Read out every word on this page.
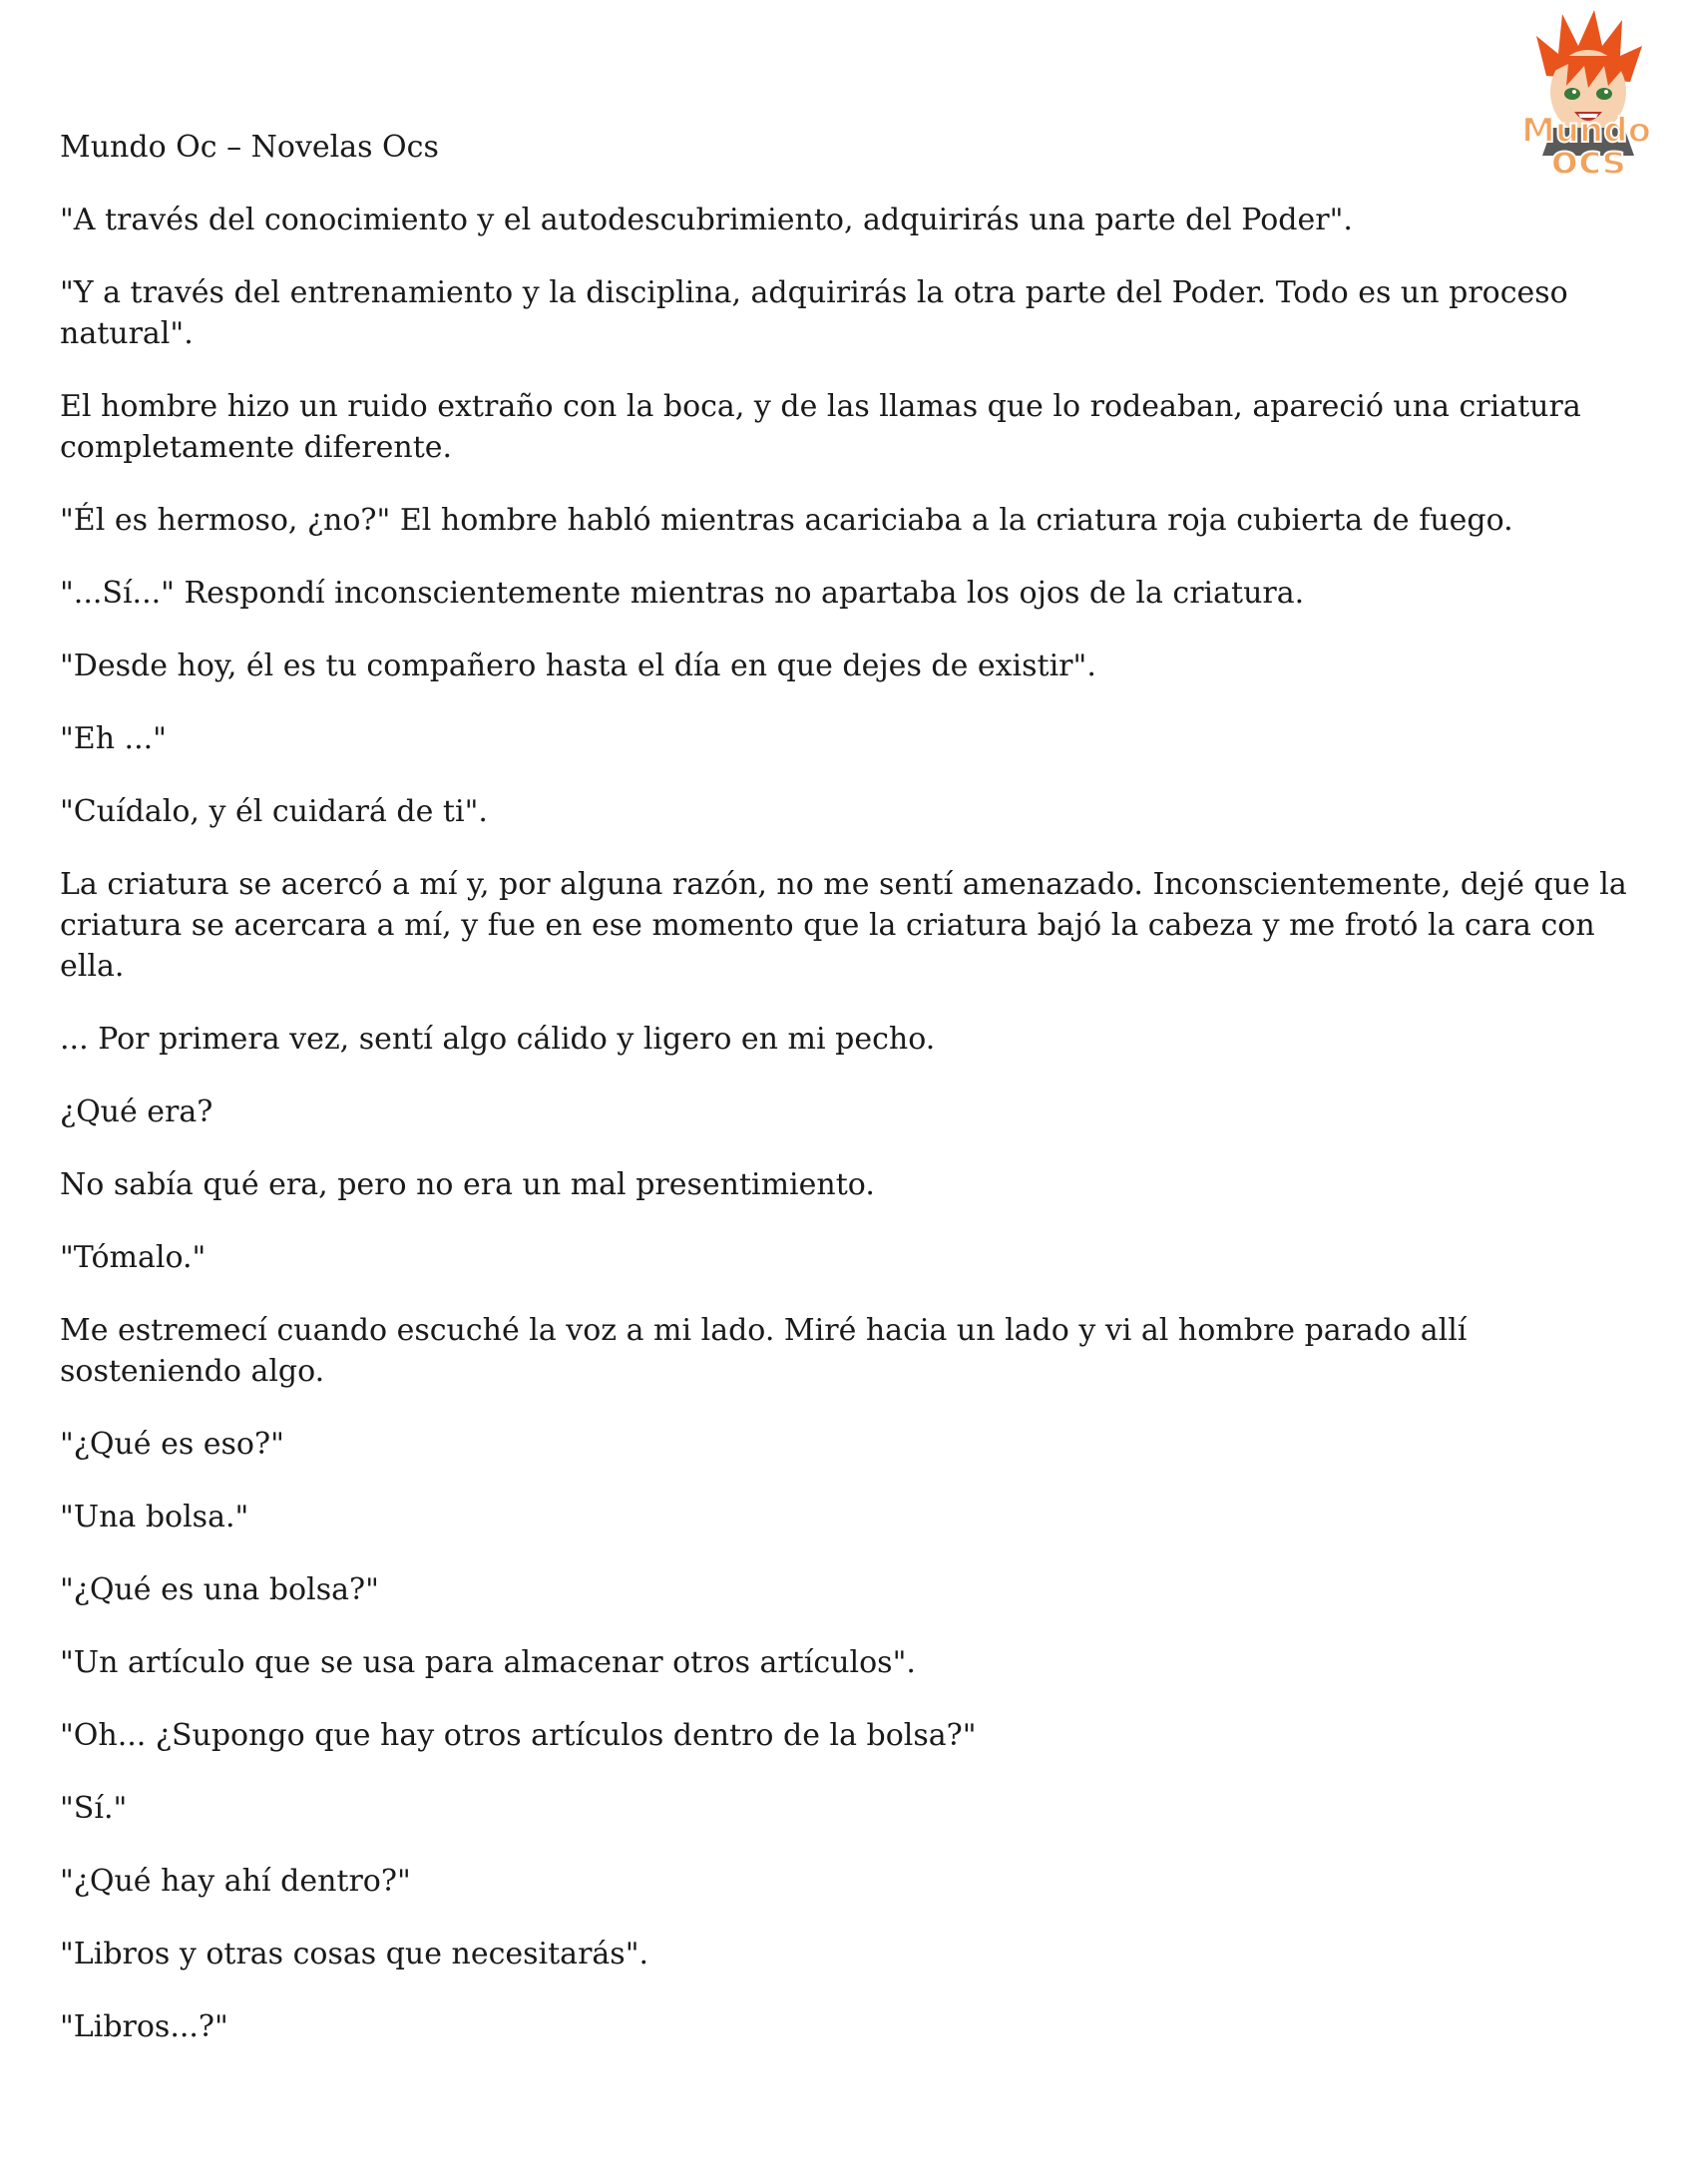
Mundo
ocs

Mundo Oc – Novelas Ocs

"A través del conocimiento y el autodescubrimiento, adquirirás una parte del Poder".

"Y a través del entrenamiento y la disciplina, adquirirás la otra parte del Poder. Todo es un proceso natural".

El hombre hizo un ruido extraño con la boca, y de las llamas que lo rodeaban, apareció una criatura completamente diferente.

"Él es hermoso, ¿no?" El hombre habló mientras acariciaba a la criatura roja cubierta de fuego.

"...Sí..." Respondí inconscientemente mientras no apartaba los ojos de la criatura.

"Desde hoy, él es tu compañero hasta el día en que dejes de existir".

"Eh ..."

"Cuídalo, y él cuidará de ti".

La criatura se acercó a mí y, por alguna razón, no me sentí amenazado. Inconscientemente, dejé que la criatura se acercara a mí, y fue en ese momento que la criatura bajó la cabeza y me frotó la cara con ella.

... Por primera vez, sentí algo cálido y ligero en mi pecho.

¿Qué era?

No sabía qué era, pero no era un mal presentimiento.

"Tómalo."

Me estremecí cuando escuché la voz a mi lado. Miré hacia un lado y vi al hombre parado allí sosteniendo algo.

"¿Qué es eso?"

"Una bolsa."

"¿Qué es una bolsa?"

"Un artículo que se usa para almacenar otros artículos".

"Oh... ¿Supongo que hay otros artículos dentro de la bolsa?"

"Sí."

"¿Qué hay ahí dentro?"

"Libros y otras cosas que necesitarás".

"Libros...?"
